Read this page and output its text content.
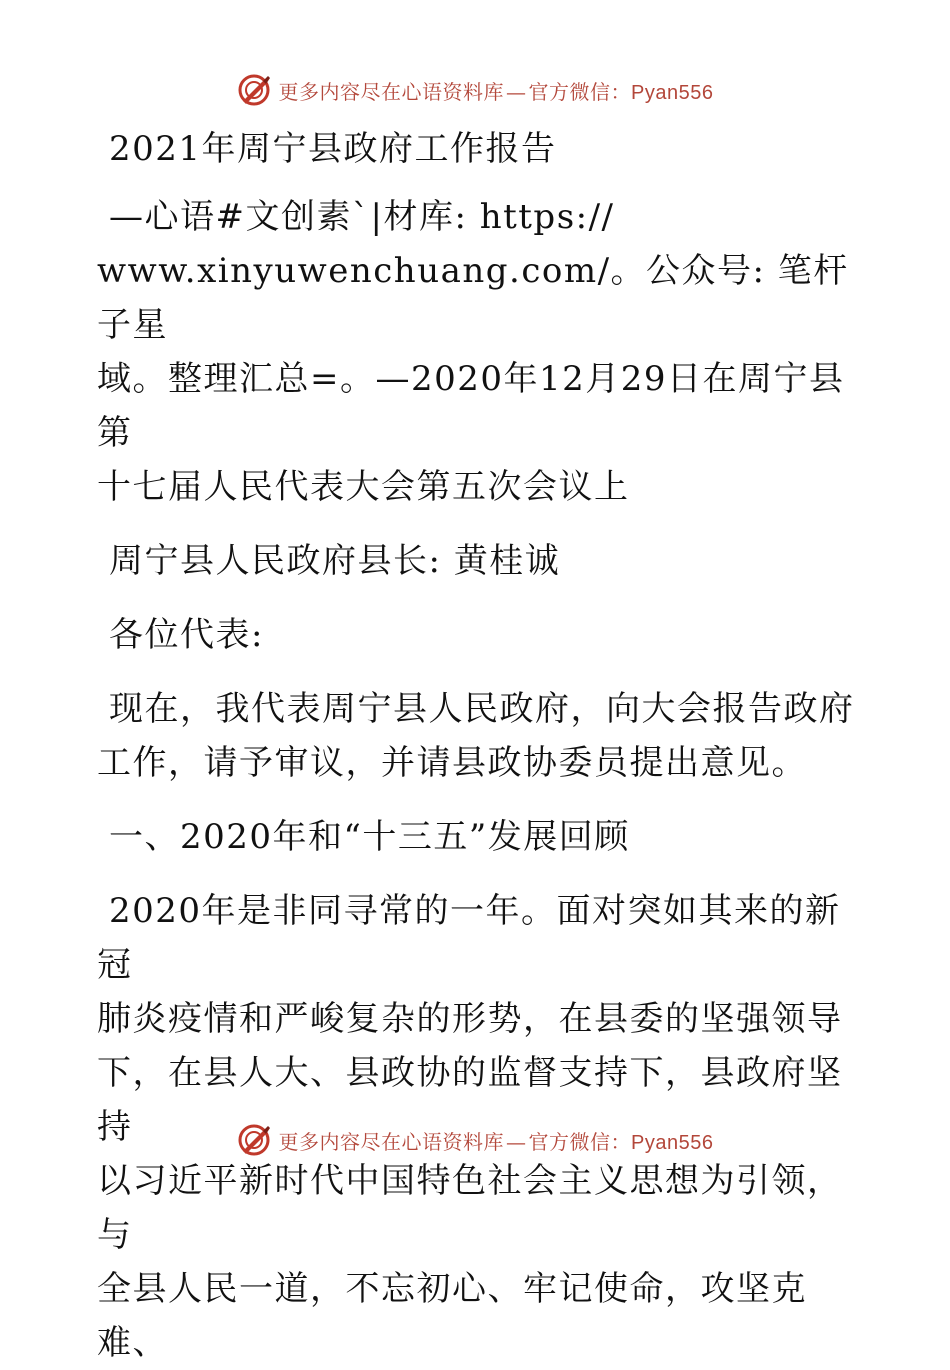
更多内容尽在心语资料库 — 官方微信：Pyan556

2021年周宁县政府工作报告

—心语#文创素`|材库: https://

www.xinyuwenchuang.com/。公众号: 笔杆子星

域。整理汇总=。—2020年12月29日在周宁县第

十七届人民代表大会第五次会议上

周宁县人民政府县长: 黄桂诚

各位代表:

现在，我代表周宁县人民政府，向大会报告政府

工作，请予审议，并请县政协委员提出意见。

一、2020年和“十三五”发展回顾

2020年是非同寻常的一年。面对突如其来的新冠

肺炎疫情和严峻复杂的形势，在县委的坚强领导

下，在县人大、县政协的监督支持下，县政府坚持

以习近平新时代中国特色社会主义思想为引领，与

全县人民一道，不忘初心、牢记使命，攻坚克难、

更多内容尽在心语资料库 — 官方微信：Pyan556
